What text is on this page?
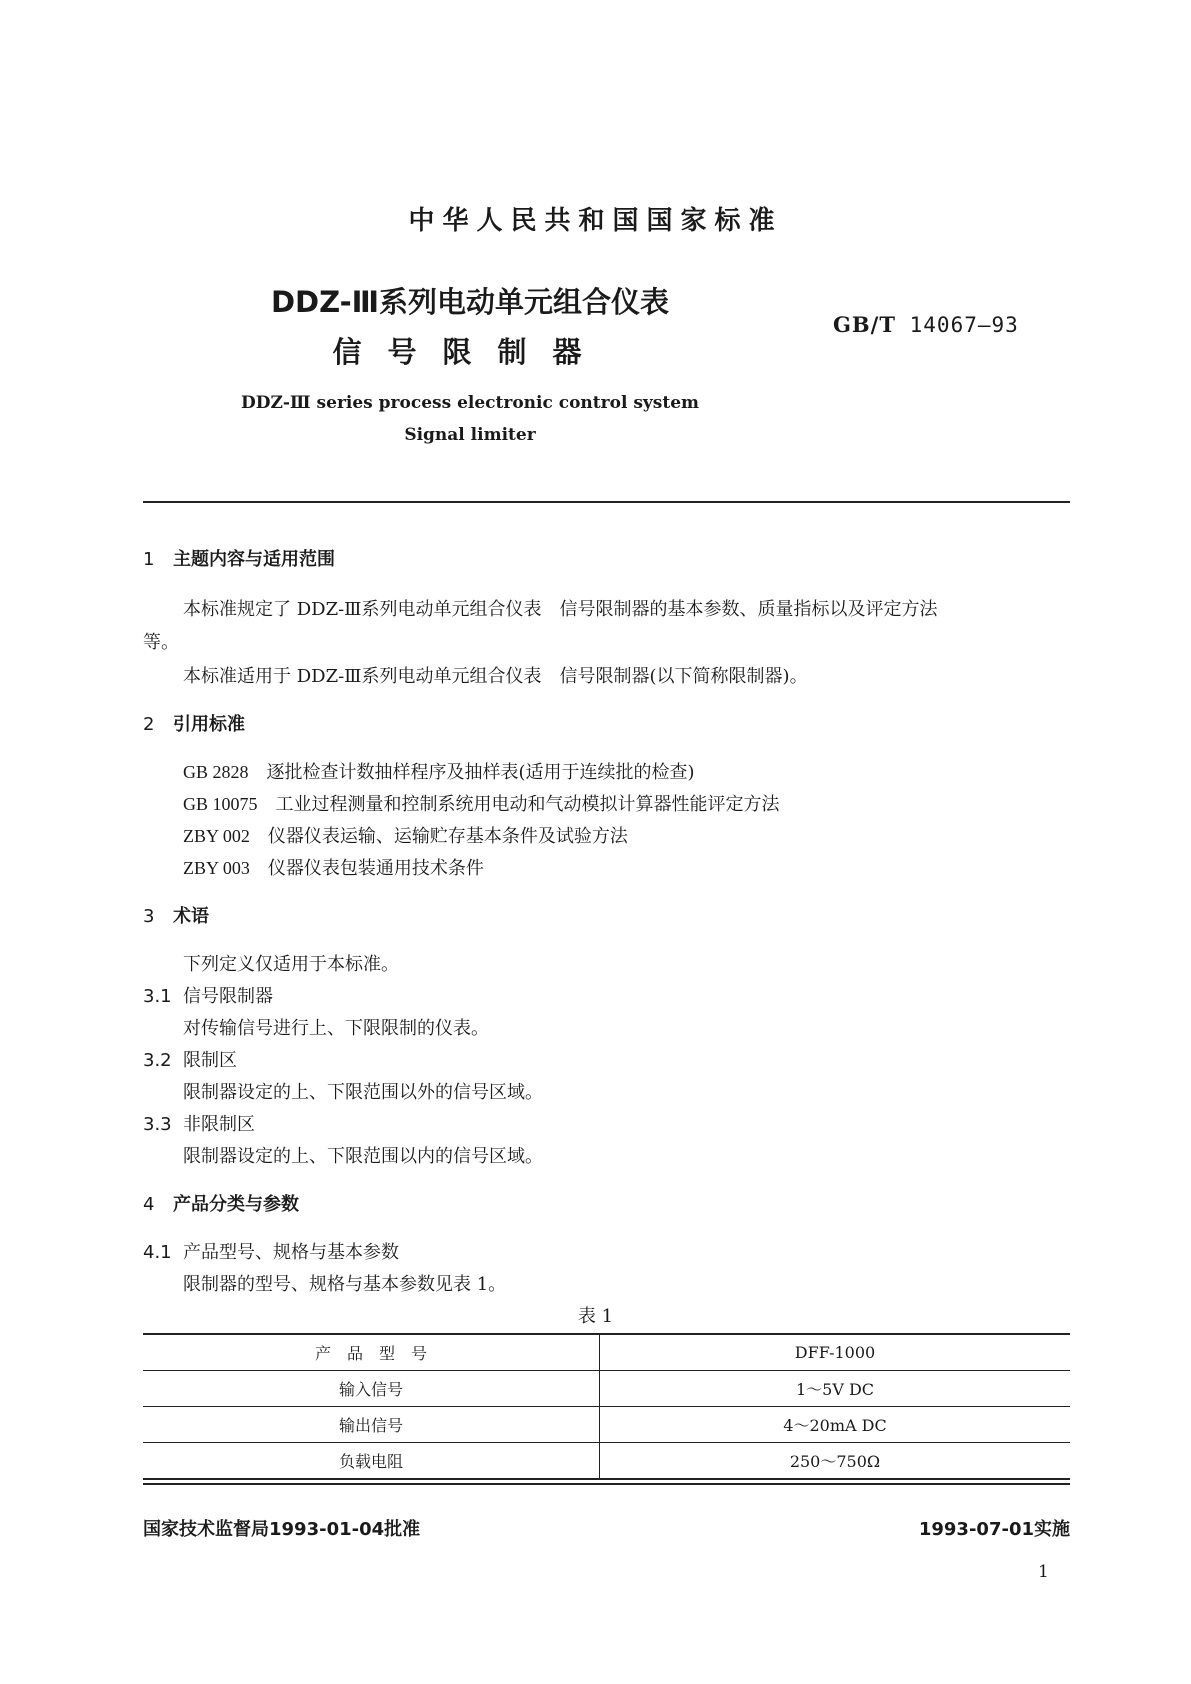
中华人民共和国国家标准
DDZ-Ⅲ系列电动单元组合仪表
信号限制器
GB/T 14067—93
DDZ-Ⅲ series process electronic control system
Signal limiter
1 主题内容与适用范围
本标准规定了 DDZ-Ⅲ系列电动单元组合仪表　信号限制器的基本参数、质量指标以及评定方法
等。
本标准适用于 DDZ-Ⅲ系列电动单元组合仪表　信号限制器(以下简称限制器)。
2 引用标准
GB 2828 逐批检查计数抽样程序及抽样表(适用于连续批的检查)
GB 10075 工业过程测量和控制系统用电动和气动模拟计算器性能评定方法
ZBY 002 仪器仪表运输、运输贮存基本条件及试验方法
ZBY 003 仪器仪表包装通用技术条件
3 术语
下列定义仅适用于本标准。
3.1 信号限制器
对传输信号进行上、下限限制的仪表。
3.2 限制区
限制器设定的上、下限范围以外的信号区域。
3.3 非限制区
限制器设定的上、下限范围以内的信号区域。
4 产品分类与参数
4.1 产品型号、规格与基本参数
限制器的型号、规格与基本参数见表 1。
表 1
产　品　型　号	DFF-1000
输入信号	1～5V DC
输出信号	4～20mA DC
负载电阻	250～750Ω
国家技术监督局1993-01-04批准	1993-07-01实施
1
